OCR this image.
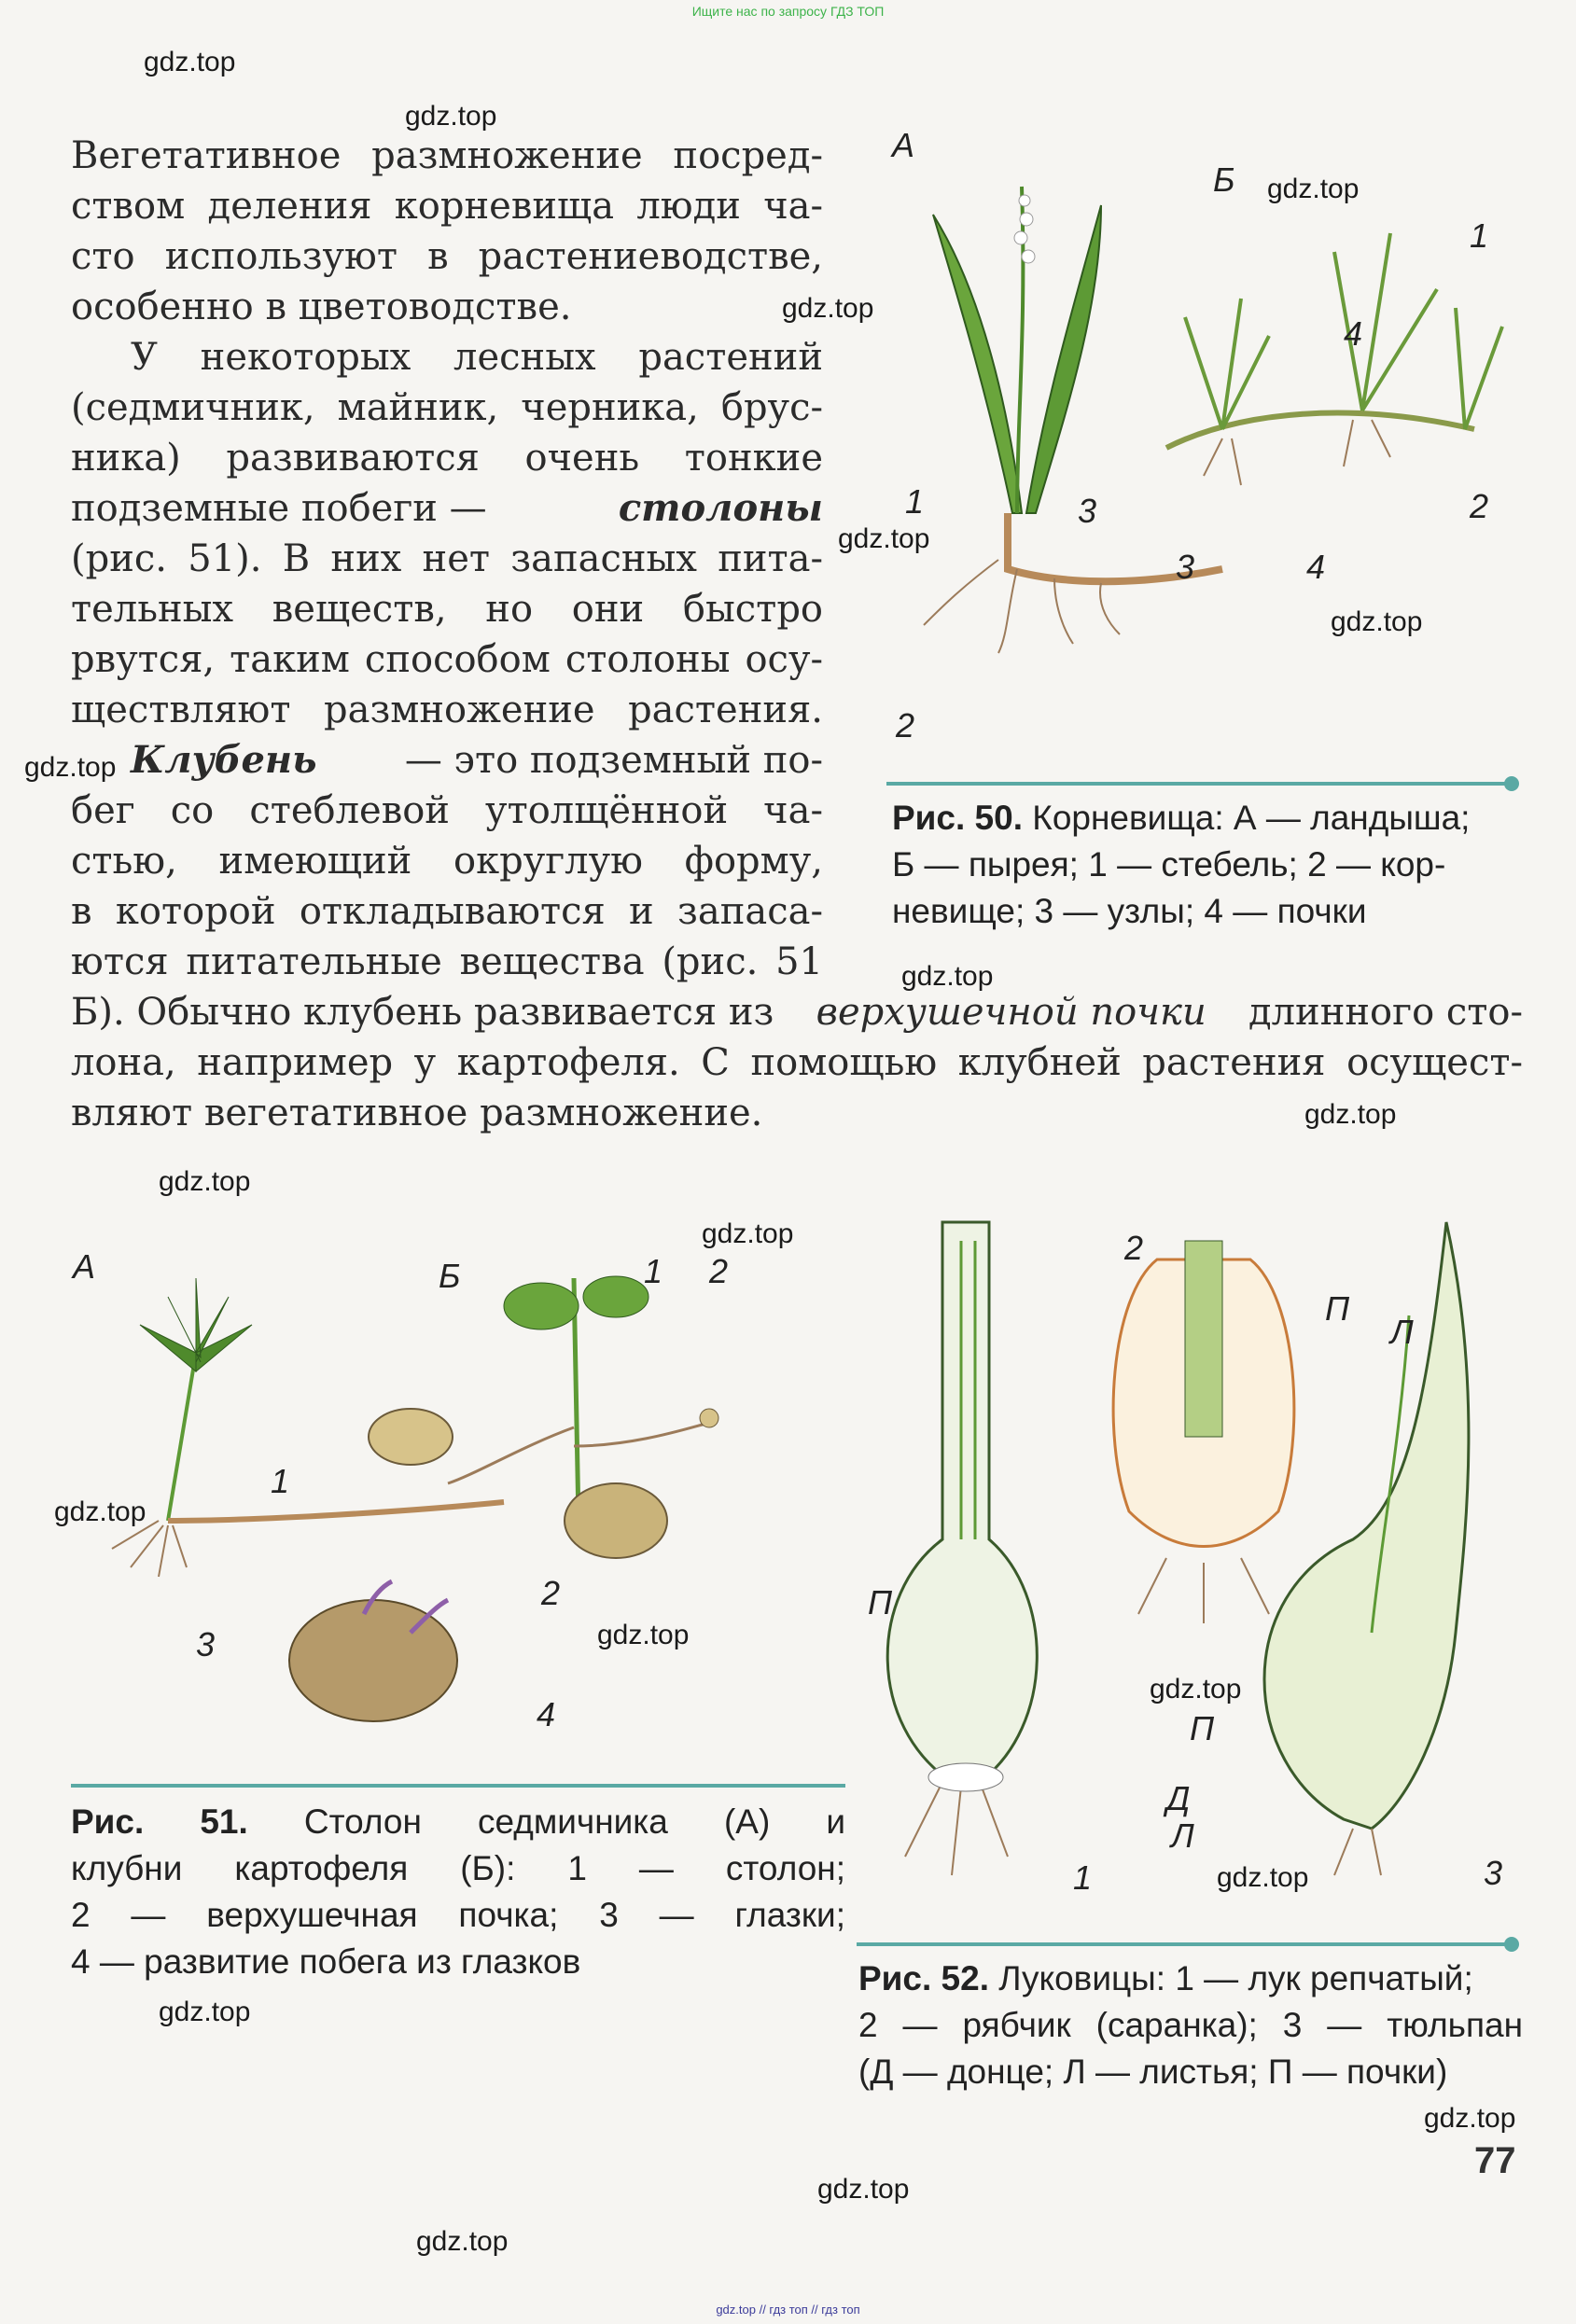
Ищите нас по запросу ГДЗ ТОП
Вегетативное размножение посред-
ством деления корневища люди ча-
сто используют в растениеводстве,
особенно в цветоводстве.
У некоторых лесных растений
(седмичник, майник, черника, брус-
ника) развиваются очень тонкие
подземные побеги —	столоны
(рис. 51). В них нет запасных пита-
тельных веществ, но они быстро
рвутся, таким способом столоны осу-
ществляют размножение растения.
Клубень — это подземный по-
бег со стеблевой утолщённой ча-
стью, имеющий округлую форму,
в которой откладываются и запаса-
ются питательные вещества (рис. 51
Б). Обычно клубень развивается из верхушечной почки длинного сто-
лона, например у картофеля. С помощью клубней растения осущест-
вляют вегетативное размножение.
А
Б
1
4
2
3
1
3	4
2
Рис. 50. Корневища: А — ландыша;
Б — пырея; 1 — стебель; 2 — кор-
невище; 3 — узлы; 4 — почки
А	Б	1 2
1
2
3
4
Рис. 51. Столон седмичника (А) и
клубни картофеля (Б): 1 — столон;
2 — верхушечная почка; 3 — глазки;
4 — развитие побега из глазков
2
П
Л
П
П
Д
Л
1	3
Рис. 52. Луковицы: 1 — лук репчатый;
2 — рябчик (саранка); 3 — тюльпан
(Д — донце; Л — листья; П — почки)
77
gdz.top
gdz.top
gdz.top
gdz.top
gdz.top
gdz.top
gdz.top
gdz.top
gdz.top
gdz.top
gdz.top
gdz.top
gdz.top
gdz.top
gdz.top
gdz.top
gdz.top
gdz.top
gdz.top
gdz.top // гдз топ // гдз топ
